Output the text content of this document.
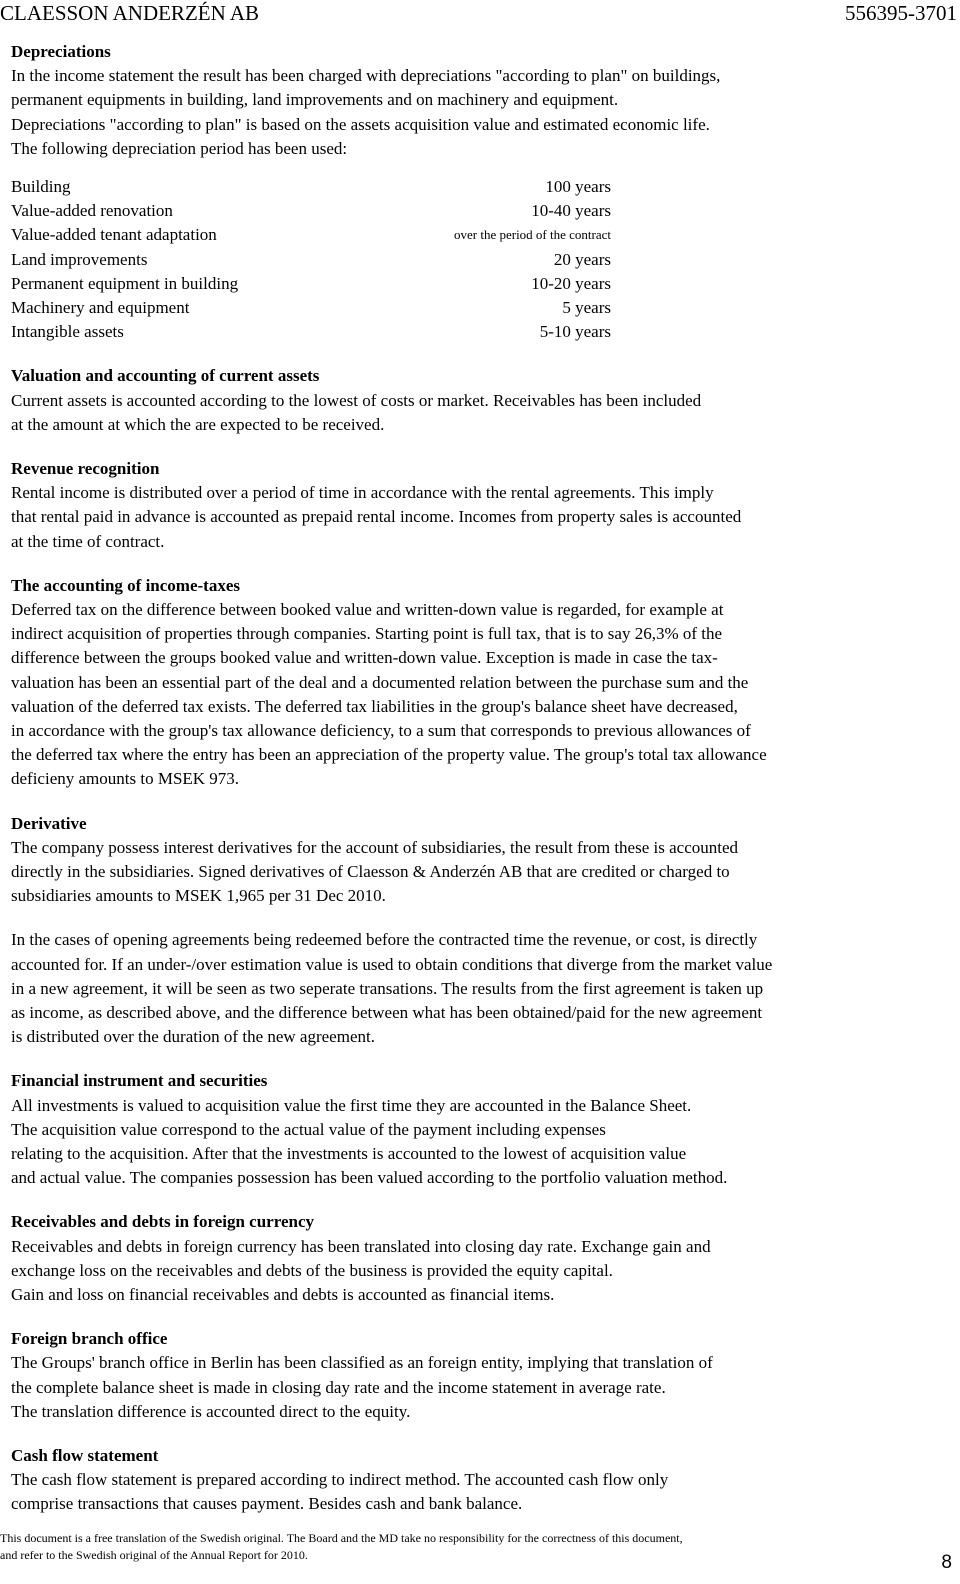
CLAESSON ANDERZÉN AB	556395-3701
Depreciations

In the income statement the result has been charged with depreciations "according to plan" on buildings,

permanent equipments in building, land improvements and on machinery and equipment.

Depreciations "according to plan" is based on the assets acquisition value and estimated economic life.

The following depreciation period has been used:

Building	100 years
Value-added renovation	10-40 years
Value-added tenant adaptation	over the period of the contract
Land improvements	20 years
Permanent equipment in building	10-20 years
Machinery and equipment	5 years
Intangible assets	5-10 years
Valuation and accounting of current assets

Current assets is accounted according to the lowest of costs or market. Receivables has been included

at the amount at which the are expected to be received.

Revenue recognition

Rental income is distributed over a period of time in accordance with the rental agreements. This imply

that rental paid in advance is accounted as prepaid rental income. Incomes from property sales is accounted

at the time of contract.

The accounting of income-taxes

Deferred tax on the difference between booked value and written-down value is regarded, for example at

indirect acquisition of properties through companies. Starting point is full tax, that is to say 26,3% of the

difference between the groups booked value and written-down value. Exception is made in case the tax-

valuation has been an essential part of the deal and a documented relation between the purchase sum and the

valuation of the deferred tax exists. The deferred tax liabilities in the group's balance sheet have decreased,

in accordance with the group's tax allowance deficiency, to a sum that corresponds to previous allowances of

the deferred tax where the entry has been an appreciation of the property value. The group's total tax allowance

deficieny amounts to MSEK 973.

Derivative

The company possess interest derivatives for the account of subsidiaries, the result from these is accounted

directly in the subsidiaries. Signed derivatives of Claesson & Anderzén AB that are credited or charged to

subsidiaries amounts to MSEK 1,965 per 31 Dec 2010.

In the cases of opening agreements being redeemed before the contracted time the revenue, or cost, is directly

accounted for. If an under-/over estimation value is used to obtain conditions that diverge from the market value

in a new agreement, it will be seen as two seperate transations. The results from the first agreement is taken up

as income, as described above, and the difference between what has been obtained/paid for the new agreement

is distributed over the duration of the new agreement.

Financial instrument and securities

All investments is valued to acquisition value the first time they are accounted in the Balance Sheet.

The acquisition value correspond to the actual value of the payment including expenses

relating to the acquisition. After that the investments is accounted to the lowest of acquisition value

and actual value. The companies possession has been valued according to the portfolio valuation method.

Receivables and debts in foreign currency

Receivables and debts in foreign currency has been translated into closing day rate. Exchange gain and

exchange loss on the receivables and debts of the business is provided the equity capital.

Gain and loss on financial receivables and debts is accounted as financial items.

Foreign branch office

The Groups' branch office in Berlin has been classified as an foreign entity, implying that translation of

the complete balance sheet is made in closing day rate and the income statement in average rate.

The translation difference is accounted direct to the equity.

Cash flow statement

The cash flow statement is prepared according to indirect method. The accounted cash flow only

comprise transactions that causes payment. Besides cash and bank balance.

This document is a free translation of the Swedish original. The Board and the MD take no responsibility for the correctness of this document,
and refer to the Swedish original of the Annual Report for 2010.	8
